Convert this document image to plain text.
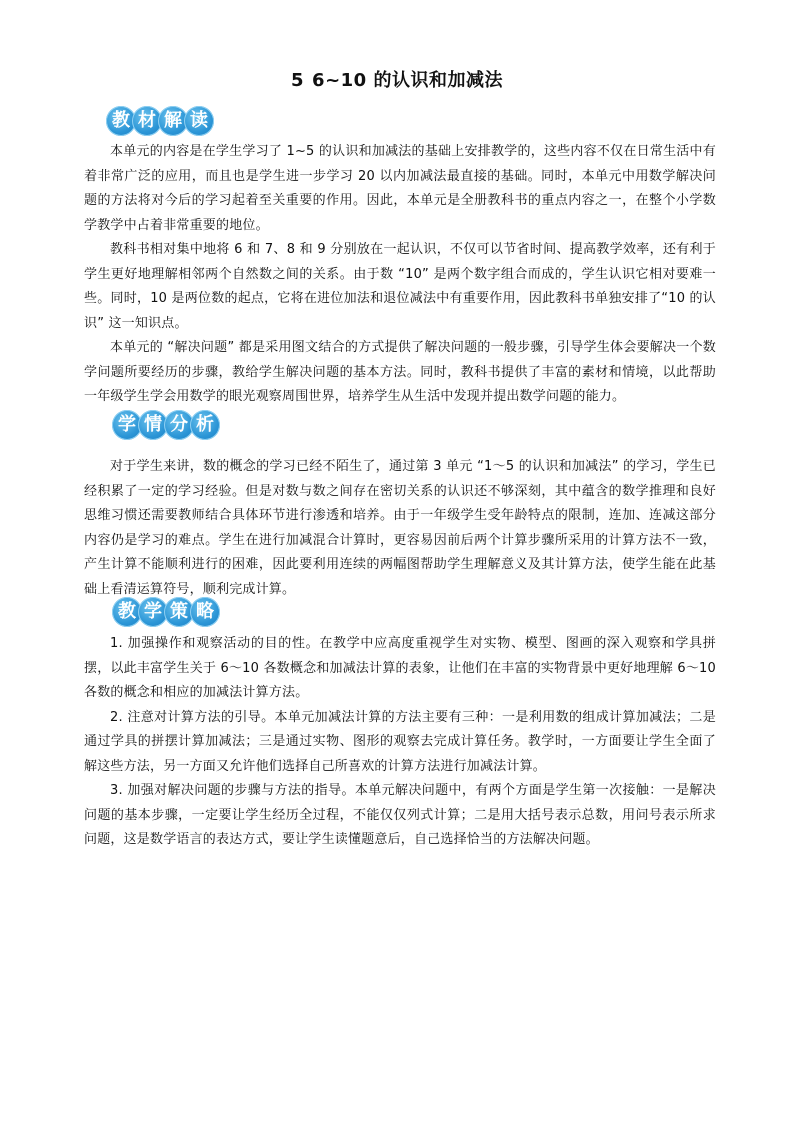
5 6~10 的认识和加减法
教 材 解 读

本单元的内容是在学生学习了 1~5 的认识和加减法的基础上安排教学的，这些内容不仅在日常生活中有着非常广泛的应用，而且也是学生进一步学习 20 以内加减法最直接的基础。同时，本单元中用数学解决问题的方法将对今后的学习起着至关重要的作用。因此，本单元是全册教科书的重点内容之一，在整个小学数学教学中占着非常重要的地位。

教科书相对集中地将 6 和 7、8 和 9 分别放在一起认识，不仅可以节省时间、提高教学效率，还有利于学生更好地理解相邻两个自然数之间的关系。由于数 “10” 是两个数字组合而成的，学生认识它相对要难一些。同时，10 是两位数的起点，它将在进位加法和退位减法中有重要作用，因此教科书单独安排了“10 的认识” 这一知识点。

本单元的 “解决问题” 都是采用图文结合的方式提供了解决问题的一般步骤，引导学生体会要解决一个数学问题所要经历的步骤，教给学生解决问题的基本方法。同时，教科书提供了丰富的素材和情境，以此帮助一年级学生学会用数学的眼光观察周围世界，培养学生从生活中发现并提出数学问题的能力。

学 情 分 析

对于学生来讲，数的概念的学习已经不陌生了，通过第 3 单元 “1～5 的认识和加减法” 的学习，学生已经积累了一定的学习经验。但是对数与数之间存在密切关系的认识还不够深刻，其中蕴含的数学推理和良好思维习惯还需要教师结合具体环节进行渗透和培养。由于一年级学生受年龄特点的限制，连加、连减这部分内容仍是学习的难点。学生在进行加减混合计算时，更容易因前后两个计算步骤所采用的计算方法不一致，产生计算不能顺利进行的困难，因此要利用连续的两幅图帮助学生理解意义及其计算方法，使学生能在此基础上看清运算符号，顺利完成计算。

教 学 策 略

1. 加强操作和观察活动的目的性。在教学中应高度重视学生对实物、模型、图画的深入观察和学具拼摆，以此丰富学生关于 6～10 各数概念和加减法计算的表象，让他们在丰富的实物背景中更好地理解 6～10 各数的概念和相应的加减法计算方法。

2. 注意对计算方法的引导。本单元加减法计算的方法主要有三种：一是利用数的组成计算加减法；二是通过学具的拼摆计算加减法；三是通过实物、图形的观察去完成计算任务。教学时，一方面要让学生全面了解这些方法，另一方面又允许他们选择自己所喜欢的计算方法进行加减法计算。

3. 加强对解决问题的步骤与方法的指导。本单元解决问题中，有两个方面是学生第一次接触：一是解决问题的基本步骤，一定要让学生经历全过程，不能仅仅列式计算；二是用大括号表示总数，用问号表示所求问题，这是数学语言的表达方式，要让学生读懂题意后，自己选择恰当的方法解决问题。
